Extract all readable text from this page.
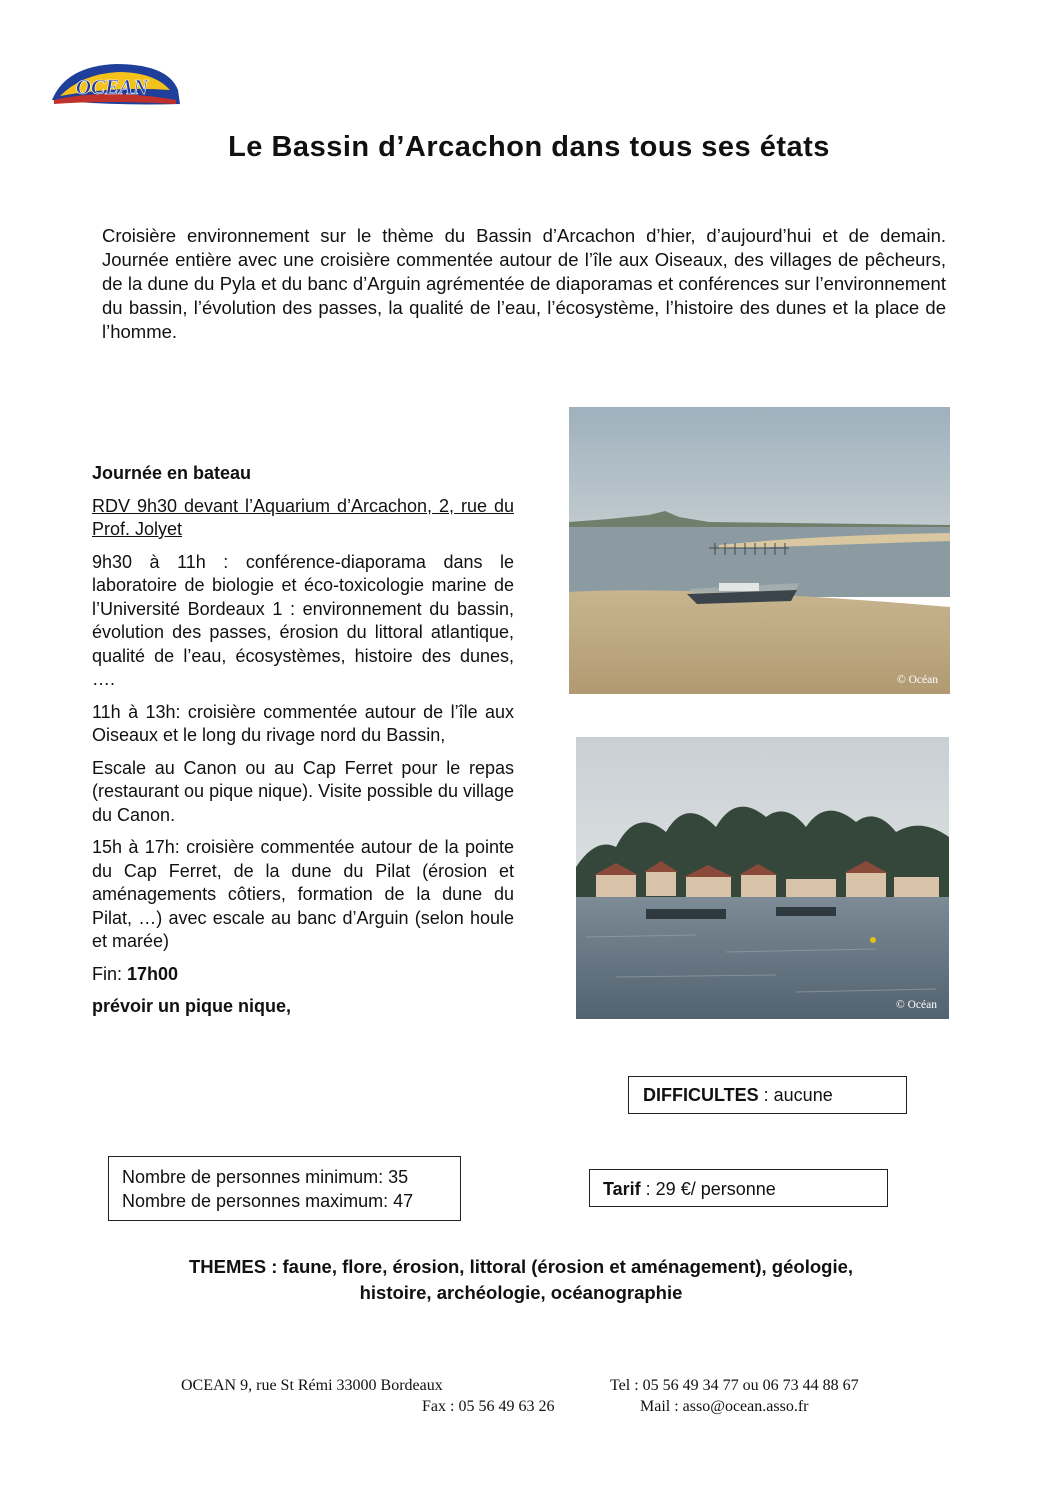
OCEAN
Le Bassin d’Arcachon dans tous ses états
Croisière environnement sur le thème du Bassin d’Arcachon d’hier, d’aujourd’hui et de demain. Journée entière avec une croisière commentée autour de l’île aux Oiseaux, des villages de pêcheurs, de la dune du Pyla et du banc d’Arguin agrémentée de diaporamas et conférences sur l’environnement du bassin, l’évolution des passes, la qualité de l’eau, l’écosystème, l’histoire des dunes et la place de l’homme.

Journée en bateau

RDV 9h30 devant l’Aquarium d’Arcachon, 2, rue du Prof. Jolyet

9h30 à 11h : conférence-diaporama dans le laboratoire de biologie et éco-toxicologie marine de l’Université Bordeaux 1 : environnement du bassin, évolution des passes, érosion du littoral atlantique, qualité de l’eau, écosystèmes, histoire des dunes, ….

11h à 13h: croisière commentée autour de l’île aux Oiseaux et le long du rivage nord du Bassin,

Escale au Canon ou au Cap Ferret pour le repas (restaurant ou pique nique). Visite possible du village du Canon.

15h à 17h: croisière commentée autour de la pointe du Cap Ferret, de la dune du Pilat (érosion et aménagements côtiers, formation de la dune du Pilat, …) avec escale au banc d’Arguin (selon houle et marée)

Fin: 17h00

prévoir un pique nique,

© Océan
© Océan
DIFFICULTES : aucune
Nombre de personnes minimum: 35
Nombre de personnes maximum: 47
Tarif : 29 €/ personne
THEMES : faune, flore, érosion, littoral (érosion et aménagement), géologie,
histoire, archéologie, océanographie
OCEAN 9, rue St Rémi 33000 Bordeaux	Tel : 05 56 49 34 77 ou 06 73 44 88 67
Fax : 05 56 49 63 26	Mail : asso@ocean.asso.fr
